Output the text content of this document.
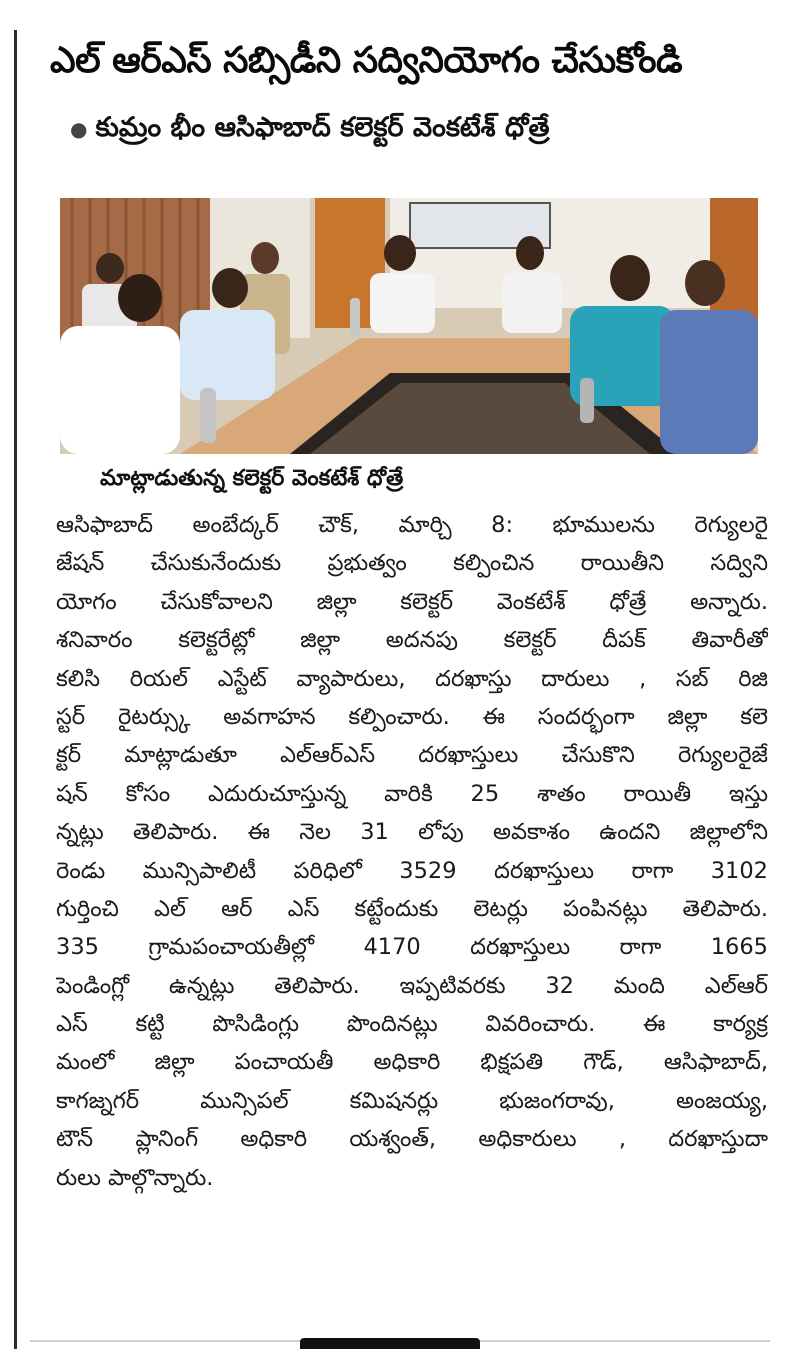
ఎల్ ఆర్ఎస్ సబ్సిడీని సద్వినియోగం చేసుకోండి
● కుమ్రం భీం ఆసిఫాబాద్ కలెక్టర్ వెంకటేశ్ ధోత్రే
మాట్లాడుతున్న కలెక్టర్ వెంకటేశ్ ధోత్రే
ఆసిఫాబాద్ అంబేద్కర్ చౌక్, మార్చి 8: భూములను రెగ్యులరై
జేషన్ చేసుకునేందుకు ప్రభుత్వం కల్పించిన రాయితీని సద్విని
యోగం చేసుకోవాలని జిల్లా కలెక్టర్ వెంకటేశ్ ధోత్రే అన్నారు.
శనివారం కలెక్టరేట్లో జిల్లా అదనపు కలెక్టర్ దీపక్ తివారీతో
కలిసి రియల్ ఎస్టేట్ వ్యాపారులు, దరఖాస్తు దారులు , సబ్ రిజి
స్టర్ రైటర్స్కు అవగాహన కల్పించారు. ఈ సందర్భంగా జిల్లా కలె
క్టర్ మాట్లాడుతూ ఎల్ఆర్ఎస్ దరఖాస్తులు చేసుకొని రెగ్యులరైజే
షన్ కోసం ఎదురుచూస్తున్న వారికి 25 శాతం రాయితీ ఇస్తు
న్నట్లు తెలిపారు. ఈ నెల 31 లోపు అవకాశం ఉందని జిల్లాలోని
రెండు మున్సిపాలిటీ పరిధిలో 3529 దరఖాస్తులు రాగా 3102
గుర్తించి ఎల్ ఆర్ ఎస్ కట్టేందుకు లెటర్లు పంపినట్లు తెలిపారు.
335 గ్రామపంచాయతీల్లో 4170 దరఖాస్తులు రాగా 1665
పెండింగ్లో ఉన్నట్లు తెలిపారు. ఇప్పటివరకు 32 మంది ఎల్ఆర్
ఎస్ కట్టి పొసిడింగ్లు పొందినట్లు వివరించారు. ఈ కార్యక్ర
మంలో జిల్లా పంచాయతీ అధికారి భిక్షపతి గౌడ్, ఆసిఫాబాద్,
కాగజ్నగర్ మున్సిపల్ కమిషనర్లు భుజంగరావు, అంజయ్య,
టౌన్ ప్లానింగ్ అధికారి యశ్వంత్, అధికారులు , దరఖాస్తుదా
రులు పాల్గొన్నారు.
